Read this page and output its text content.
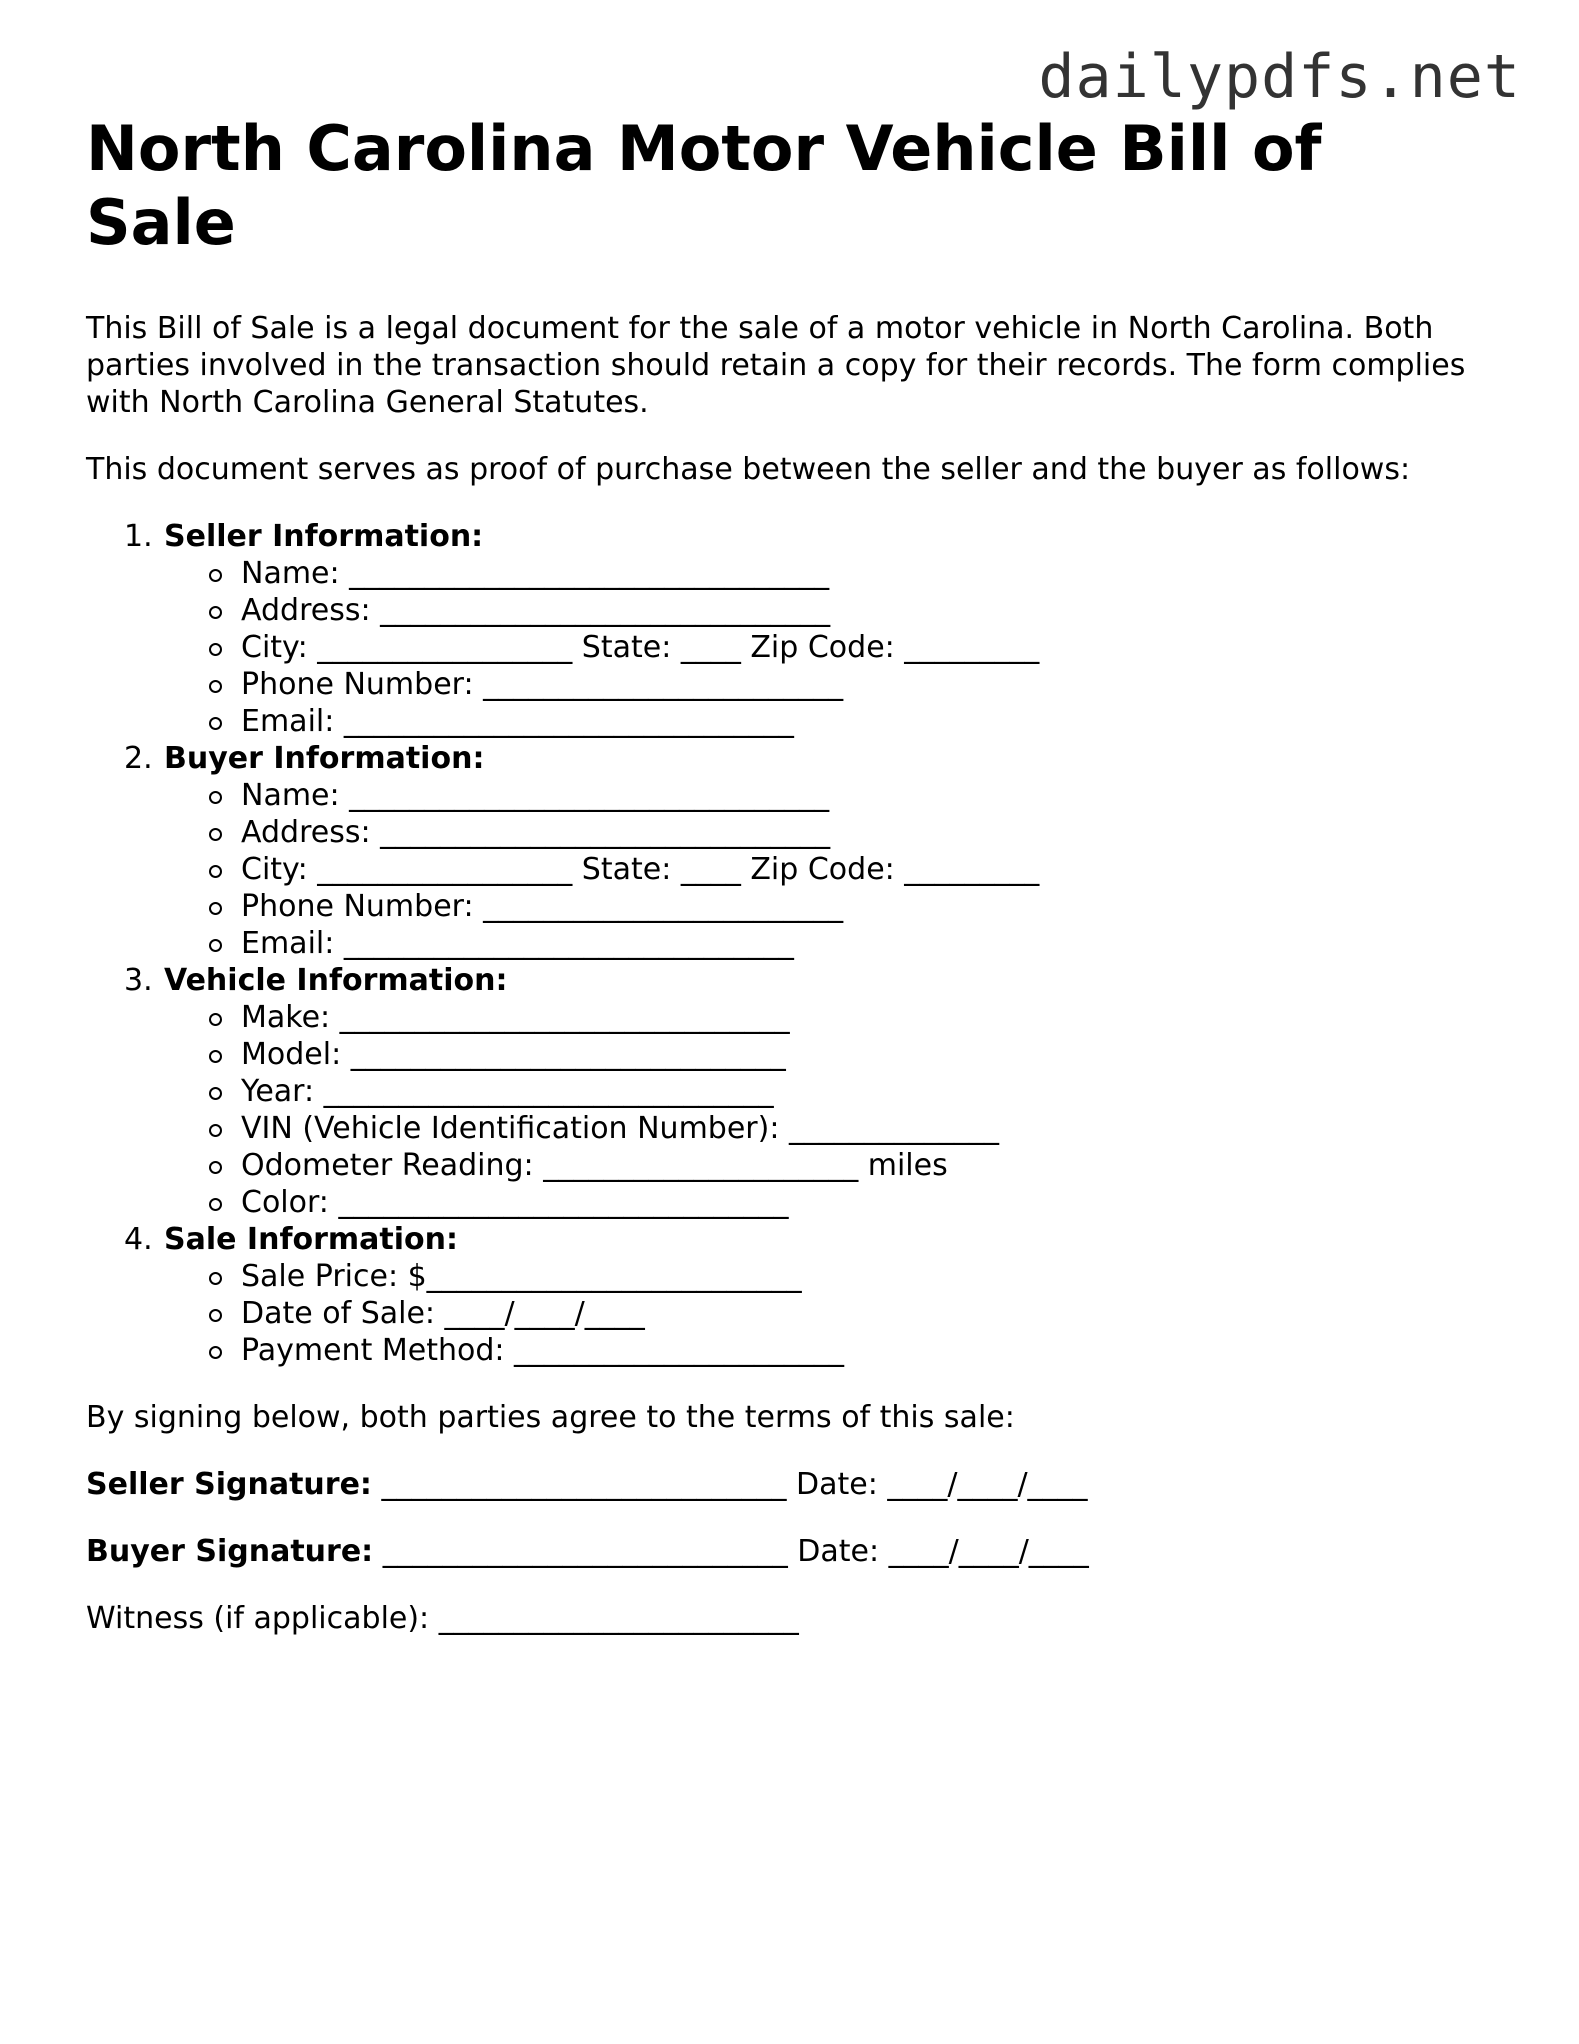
dailypdfs.net
North Carolina Motor Vehicle Bill of Sale

This Bill of Sale is a legal document for the sale of a motor vehicle in North Carolina. Both parties involved in the transaction should retain a copy for their records. The form complies with North Carolina General Statutes.

This document serves as proof of purchase between the seller and the buyer as follows:

1. Seller Information:
Name: ________________________________
Address: ______________________________
City: _________________ State: ____ Zip Code: _________
Phone Number: ________________________
Email: ______________________________
2. Buyer Information:
Name: ________________________________
Address: ______________________________
City: _________________ State: ____ Zip Code: _________
Phone Number: ________________________
Email: ______________________________
3. Vehicle Information:
Make: ______________________________
Model: _____________________________
Year: ______________________________
VIN (Vehicle Identification Number): ______________
Odometer Reading: _____________________ miles
Color: ______________________________
4. Sale Information:
Sale Price: $_________________________
Date of Sale: ____/____/____
Payment Method: ______________________

By signing below, both parties agree to the terms of this sale:

Seller Signature: ___________________________ Date: ____/____/____

Buyer Signature: ___________________________ Date: ____/____/____

Witness (if applicable): ________________________
